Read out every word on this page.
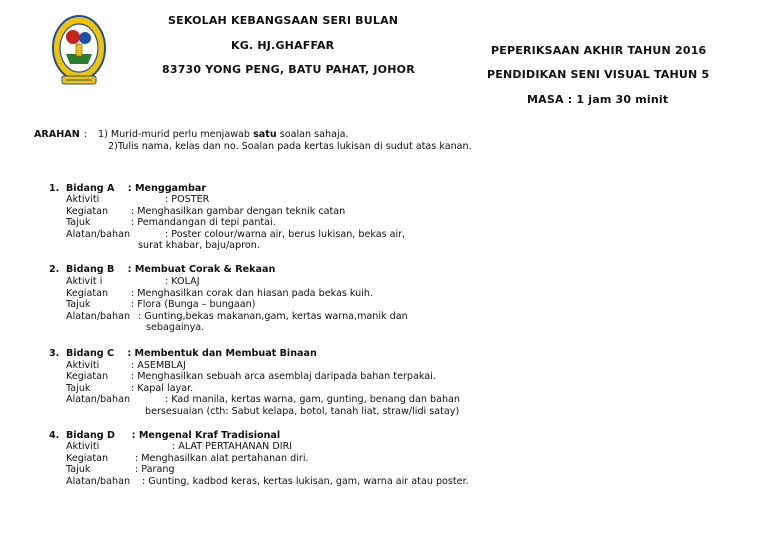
SEKOLAH KEBANGSAAN SERI BULAN
KG. HJ.GHAFFAR
83730 YONG PENG, BATU PAHAT, JOHOR
PEPERIKSAAN AKHIR TAHUN 2016
PENDIDIKAN SENI VISUAL TAHUN 5
MASA : 1 jam 30 minit
ARAHAN : 1) Murid-murid perlu menjawab satu soalan sahaja.
2)Tulis nama, kelas dan no. Soalan pada kertas lukisan di sudut atas kanan.
1. Bidang A    : Menggambar
Aktiviti	: POSTER
Kegiatan : Menghasilkan gambar dengan teknik catan
Tajuk	: Pemandangan di tepi pantai.
Alatan/bahan	: Poster colour/warna air, berus lukisan, bekas air,
surat khabar, baju/apron.
2. Bidang B    : Membuat Corak & Rekaan
Aktivit i	: KOLAJ
Kegiatan : Menghasilkan corak dan hiasan pada bekas kuih.
Tajuk	: Flora (Bunga – bungaan)
Alatan/bahan : Gunting,bekas makanan,gam, kertas warna,manik dan
sebagainya.
3. Bidang C    : Membentuk dan Membuat Binaan
Aktiviti	: ASEMBLAJ
Kegiatan : Menghasilkan sebuah arca asemblaj daripada bahan terpakai.
Tajuk	: Kapal layar.
Alatan/bahan	: Kad manila, kertas warna, gam, gunting, benang dan bahan
bersesuaian (cth: Sabut kelapa, botol, tanah liat, straw/lidi satay)
4. Bidang D     : Mengenal Kraf Tradisional
Aktiviti	: ALAT PERTAHANAN DIRI
Kegiatan	: Menghasilkan alat pertahanan diri.
Tajuk	: Parang
Alatan/bahan : Gunting, kadbod keras, kertas lukisan, gam, warna air atau poster.
